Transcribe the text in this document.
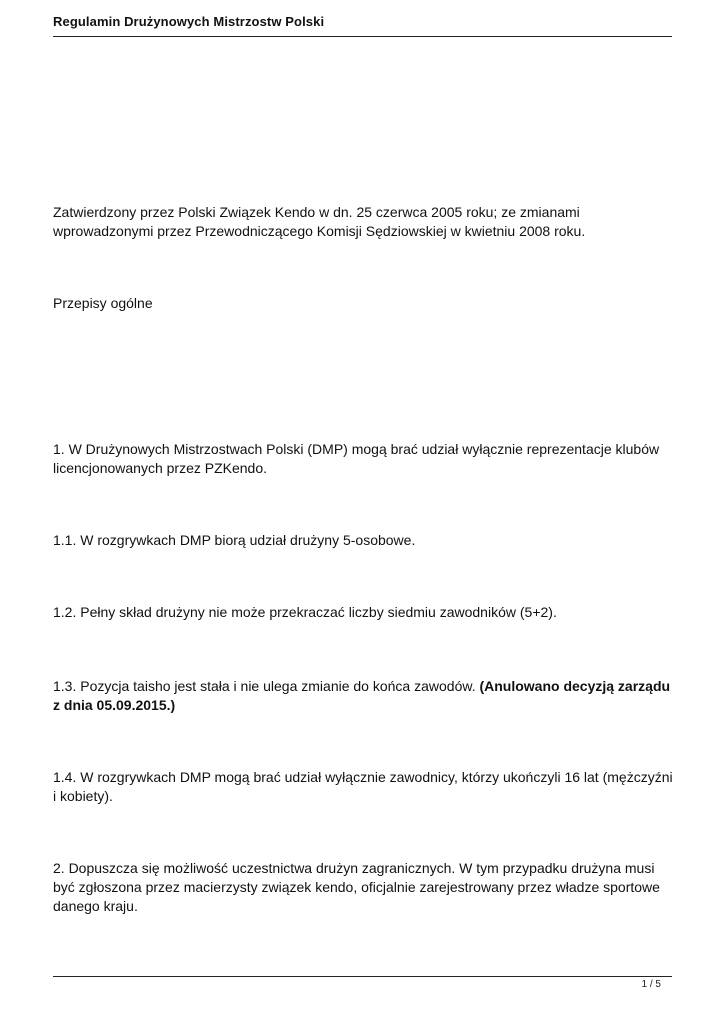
Regulamin Drużynowych Mistrzostw Polski

Zatwierdzony przez Polski Związek Kendo w dn. 25 czerwca 2005 roku; ze zmianami wprowadzonymi przez Przewodniczącego Komisji Sędziowskiej w kwietniu 2008 roku.

Przepisy ogólne

1. W Drużynowych Mistrzostwach Polski (DMP) mogą brać udział wyłącznie reprezentacje klubów licencjonowanych przez PZKendo.

1.1. W rozgrywkach DMP biorą udział drużyny 5-osobowe.

1.2. Pełny skład drużyny nie może przekraczać liczby siedmiu zawodników (5+2).

1.3. Pozycja taisho jest stała i nie ulega zmianie do końca zawodów. (Anulowano decyzją zarządu z dnia 05.09.2015.)

1.4. W rozgrywkach DMP mogą brać udział wyłącznie zawodnicy, którzy ukończyli 16 lat (mężczyźni i kobiety).

2. Dopuszcza się możliwość uczestnictwa drużyn zagranicznych. W tym przypadku drużyna musi być zgłoszona przez macierzysty związek kendo, oficjalnie zarejestrowany przez władze sportowe danego kraju.

1 / 5
